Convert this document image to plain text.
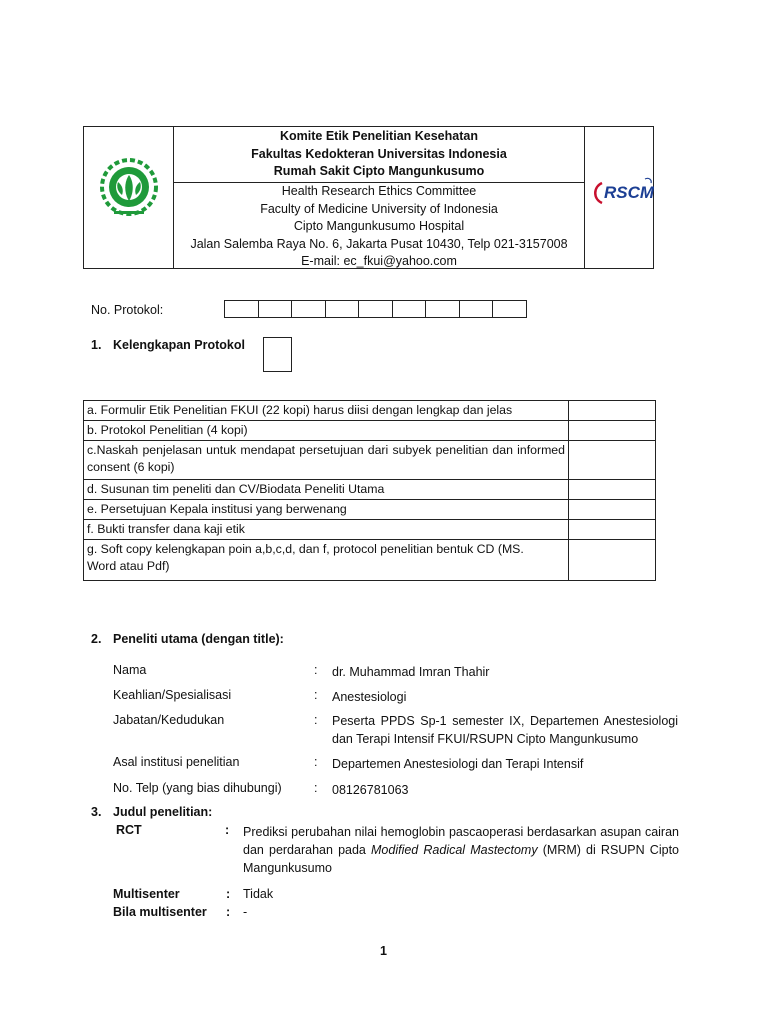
Komite Etik Penelitian Kesehatan
Fakultas Kedokteran Universitas Indonesia
Rumah Sakit Cipto Mangunkusumo
Health Research Ethics Committee
Faculty of Medicine University of Indonesia
Cipto Mangunkusumo Hospital
Jalan Salemba Raya No. 6, Jakarta Pusat 10430, Telp 021-3157008
E-mail: ec_fkui@yahoo.com
RSCM
No. Protokol:
1. Kelengkapan Protokol
a. Formulir Etik Penelitian FKUI (22 kopi) harus diisi dengan lengkap dan jelas	
b. Protokol Penelitian (4 kopi)	
c.Naskah penjelasan untuk mendapat persetujuan dari subyek penelitian dan informed consent (6 kopi)	
d. Susunan tim peneliti dan CV/Biodata Peneliti Utama	
e. Persetujuan Kepala institusi yang berwenang	
f. Bukti transfer dana kaji etik	
g. Soft copy kelengkapan poin a,b,c,d, dan f, protocol penelitian bentuk CD (MS. Word atau Pdf)	
2. Peneliti utama (dengan title):
Nama	: dr. Muhammad Imran Thahir
Keahlian/Spesialisasi	: Anestesiologi
Jabatan/Kedudukan	: Peserta PPDS Sp-1 semester IX, Departemen Anestesiologi dan Terapi Intensif FKUI/RSUPN Cipto Mangunkusumo
Asal institusi penelitian	: Departemen Anestesiologi dan Terapi Intensif
No. Telp (yang bias dihubungi)	: 08126781063
3. Judul penelitian:
RCT	: Prediksi perubahan nilai hemoglobin pascaoperasi berdasarkan asupan cairan dan perdarahan pada Modified Radical Mastectomy (MRM) di RSUPN Cipto Mangunkusumo
Multisenter	: Tidak
Bila multisenter : -
1
